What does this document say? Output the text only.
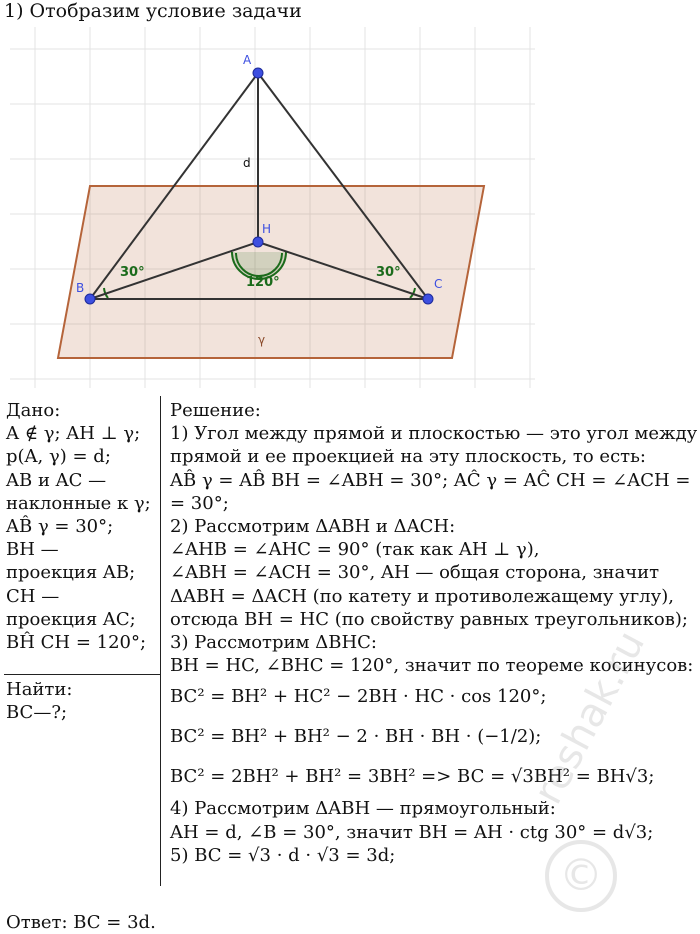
1) Отобразим условие задачи
A
H
B	C
d
γ
30°	30°
120°
Дано:
A ∉ γ; AH ⊥ γ;
p(A, γ) = d;
AB и AC —
наклонные к γ;
AB̂ γ = 30°;
BH —
проекция AB;
CH —
проекция AC;
BĤ CH = 120°;
Найти:
BC—?;
Решение:
1) Угол между прямой и плоскостью — это угол между
прямой и ее проекцией на эту плоскость, то есть:
AB̂ γ = AB̂ BH = ∠ABH = 30°; AĈ γ = AĈ CH = ∠ACH =
= 30°;
2) Рассмотрим ΔABH и ΔACH:
∠AHB = ∠AHC = 90° (так как AH ⊥ γ),
∠ABH = ∠ACH = 30°, AH — общая сторона, значит
ΔABH = ΔACH (по катету и противолежащему углу),
отсюда BH = HC (по свойству равных треугольников);
3) Рассмотрим ΔBHC:
BH = HC, ∠BHC = 120°, значит по теореме косинусов:
BC² = BH² + HC² − 2BH · HC · cos 120°;
BC² = BH² + BH² − 2 · BH · BH · (−1/2);
BC² = 2BH² + BH² = 3BH² => BC = √3BH² = BH√3;
4) Рассмотрим ΔABH — прямоугольный:
AH = d, ∠B = 30°, значит BH = AH · ctg 30° = d√3;
5) BC = √3 · d · √3 = 3d;
Ответ: BC = 3d.
reshak.ru
©
